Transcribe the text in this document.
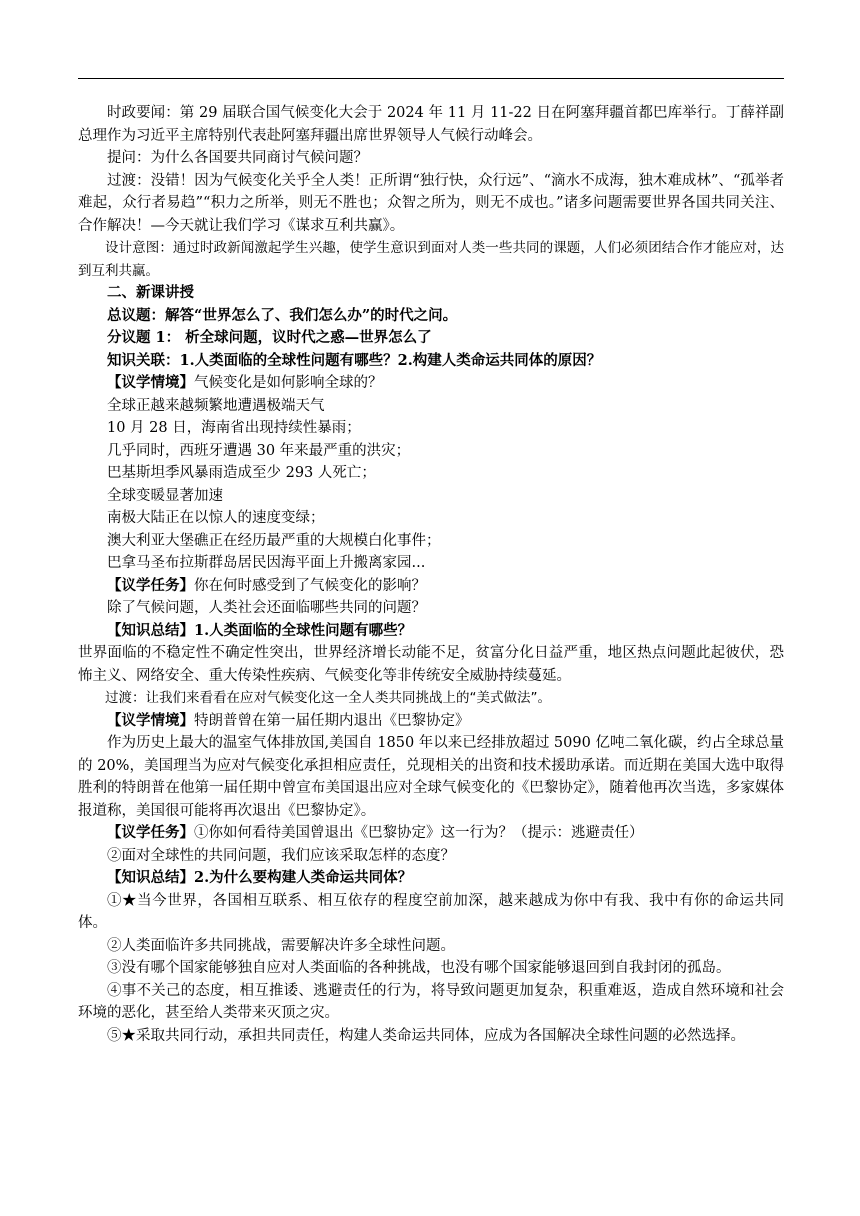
时政要闻：第 29 届联合国气候变化大会于 2024 年 11 月 11-22 日在阿塞拜疆首都巴库举行。丁薛祥副总理作为习近平主席特别代表赴阿塞拜疆出席世界领导人气候行动峰会。

提问：为什么各国要共同商讨气候问题？

过渡：没错！因为气候变化关乎全人类！正所谓“独行快，众行远”、“滴水不成海，独木难成林”、“孤举者难起，众行者易趋”“积力之所举，则无不胜也；众智之所为，则无不成也。”诸多问题需要世界各国共同关注、合作解决！—今天就让我们学习《谋求互利共赢》。

设计意图：通过时政新闻激起学生兴趣，使学生意识到面对人类一些共同的课题，人们必须团结合作才能应对，达到互利共赢。

二、新课讲授

总议题：解答“世界怎么了、我们怎么办”的时代之问。

分议题 1： 析全球问题，议时代之惑—世界怎么了

知识关联：1.人类面临的全球性问题有哪些？2.构建人类命运共同体的原因？

【议学情境】气候变化是如何影响全球的？

全球正越来越频繁地遭遇极端天气

10 月 28 日，海南省出现持续性暴雨；

几乎同时，西班牙遭遇 30 年来最严重的洪灾；

巴基斯坦季风暴雨造成至少 293 人死亡；

全球变暖显著加速

南极大陆正在以惊人的速度变绿；

澳大利亚大堡礁正在经历最严重的大规模白化事件；

巴拿马圣布拉斯群岛居民因海平面上升搬离家园...

【议学任务】你在何时感受到了气候变化的影响？

除了气候问题，人类社会还面临哪些共同的问题？

【知识总结】1.人类面临的全球性问题有哪些？

世界面临的不稳定性不确定性突出，世界经济增长动能不足，贫富分化日益严重，地区热点问题此起彼伏，恐怖主义、网络安全、重大传染性疾病、气候变化等非传统安全威胁持续蔓延。

过渡：让我们来看看在应对气候变化这一全人类共同挑战上的“美式做法”。

【议学情境】特朗普曾在第一届任期内退出《巴黎协定》

作为历史上最大的温室气体排放国,美国自 1850 年以来已经排放超过 5090 亿吨二氧化碳，约占全球总量的 20%，美国理当为应对气候变化承担相应责任，兑现相关的出资和技术援助承诺。而近期在美国大选中取得胜利的特朗普在他第一届任期中曾宣布美国退出应对全球气候变化的《巴黎协定》，随着他再次当选，多家媒体报道称，美国很可能将再次退出《巴黎协定》。

【议学任务】①你如何看待美国曾退出《巴黎协定》这一行为？（提示：逃避责任）

②面对全球性的共同问题，我们应该采取怎样的态度？

【知识总结】2.为什么要构建人类命运共同体？

①★当今世界，各国相互联系、相互依存的程度空前加深，越来越成为你中有我、我中有你的命运共同体。

②人类面临许多共同挑战，需要解决许多全球性问题。

③没有哪个国家能够独自应对人类面临的各种挑战，也没有哪个国家能够退回到自我封闭的孤岛。

④事不关己的态度，相互推诿、逃避责任的行为，将导致问题更加复杂，积重难返，造成自然环境和社会环境的恶化，甚至给人类带来灭顶之灾。

⑤★采取共同行动，承担共同责任，构建人类命运共同体，应成为各国解决全球性问题的必然选择。
